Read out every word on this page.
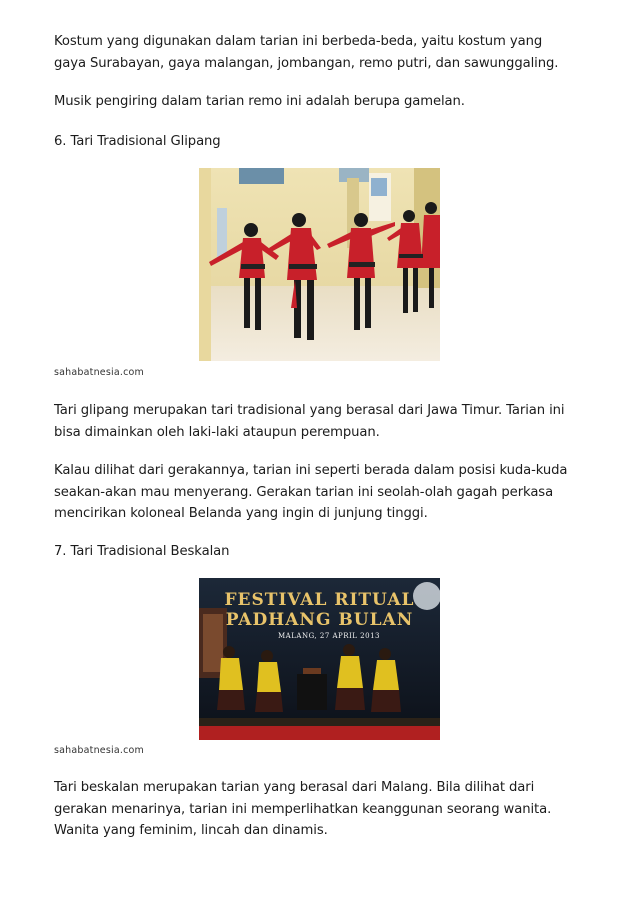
Kostum yang digunakan dalam tarian ini berbeda-beda, yaitu kostum yang gaya Surabayan, gaya malangan, jombangan, remo putri, dan sawunggaling.

Musik pengiring dalam tarian remo ini adalah berupa gamelan.

6. Tari Tradisional Glipang

sahabatnesia.com

Tari glipang merupakan tari tradisional yang berasal dari Jawa Timur. Tarian ini bisa dimainkan oleh laki-laki ataupun perempuan.

Kalau dilihat dari gerakannya, tarian ini seperti berada dalam posisi kuda-kuda seakan-akan mau menyerang. Gerakan tarian ini seolah-olah gagah perkasa mencirikan koloneal Belanda yang ingin di junjung tinggi.

7. Tari Tradisional Beskalan

FESTIVAL RITUAL
PADHANG BULAN
MALANG, 27 APRIL 2013
sahabatnesia.com

Tari beskalan merupakan tarian yang berasal dari Malang. Bila dilihat dari gerakan menarinya, tarian ini memperlihatkan keanggunan seorang wanita. Wanita yang feminim, lincah dan dinamis.
